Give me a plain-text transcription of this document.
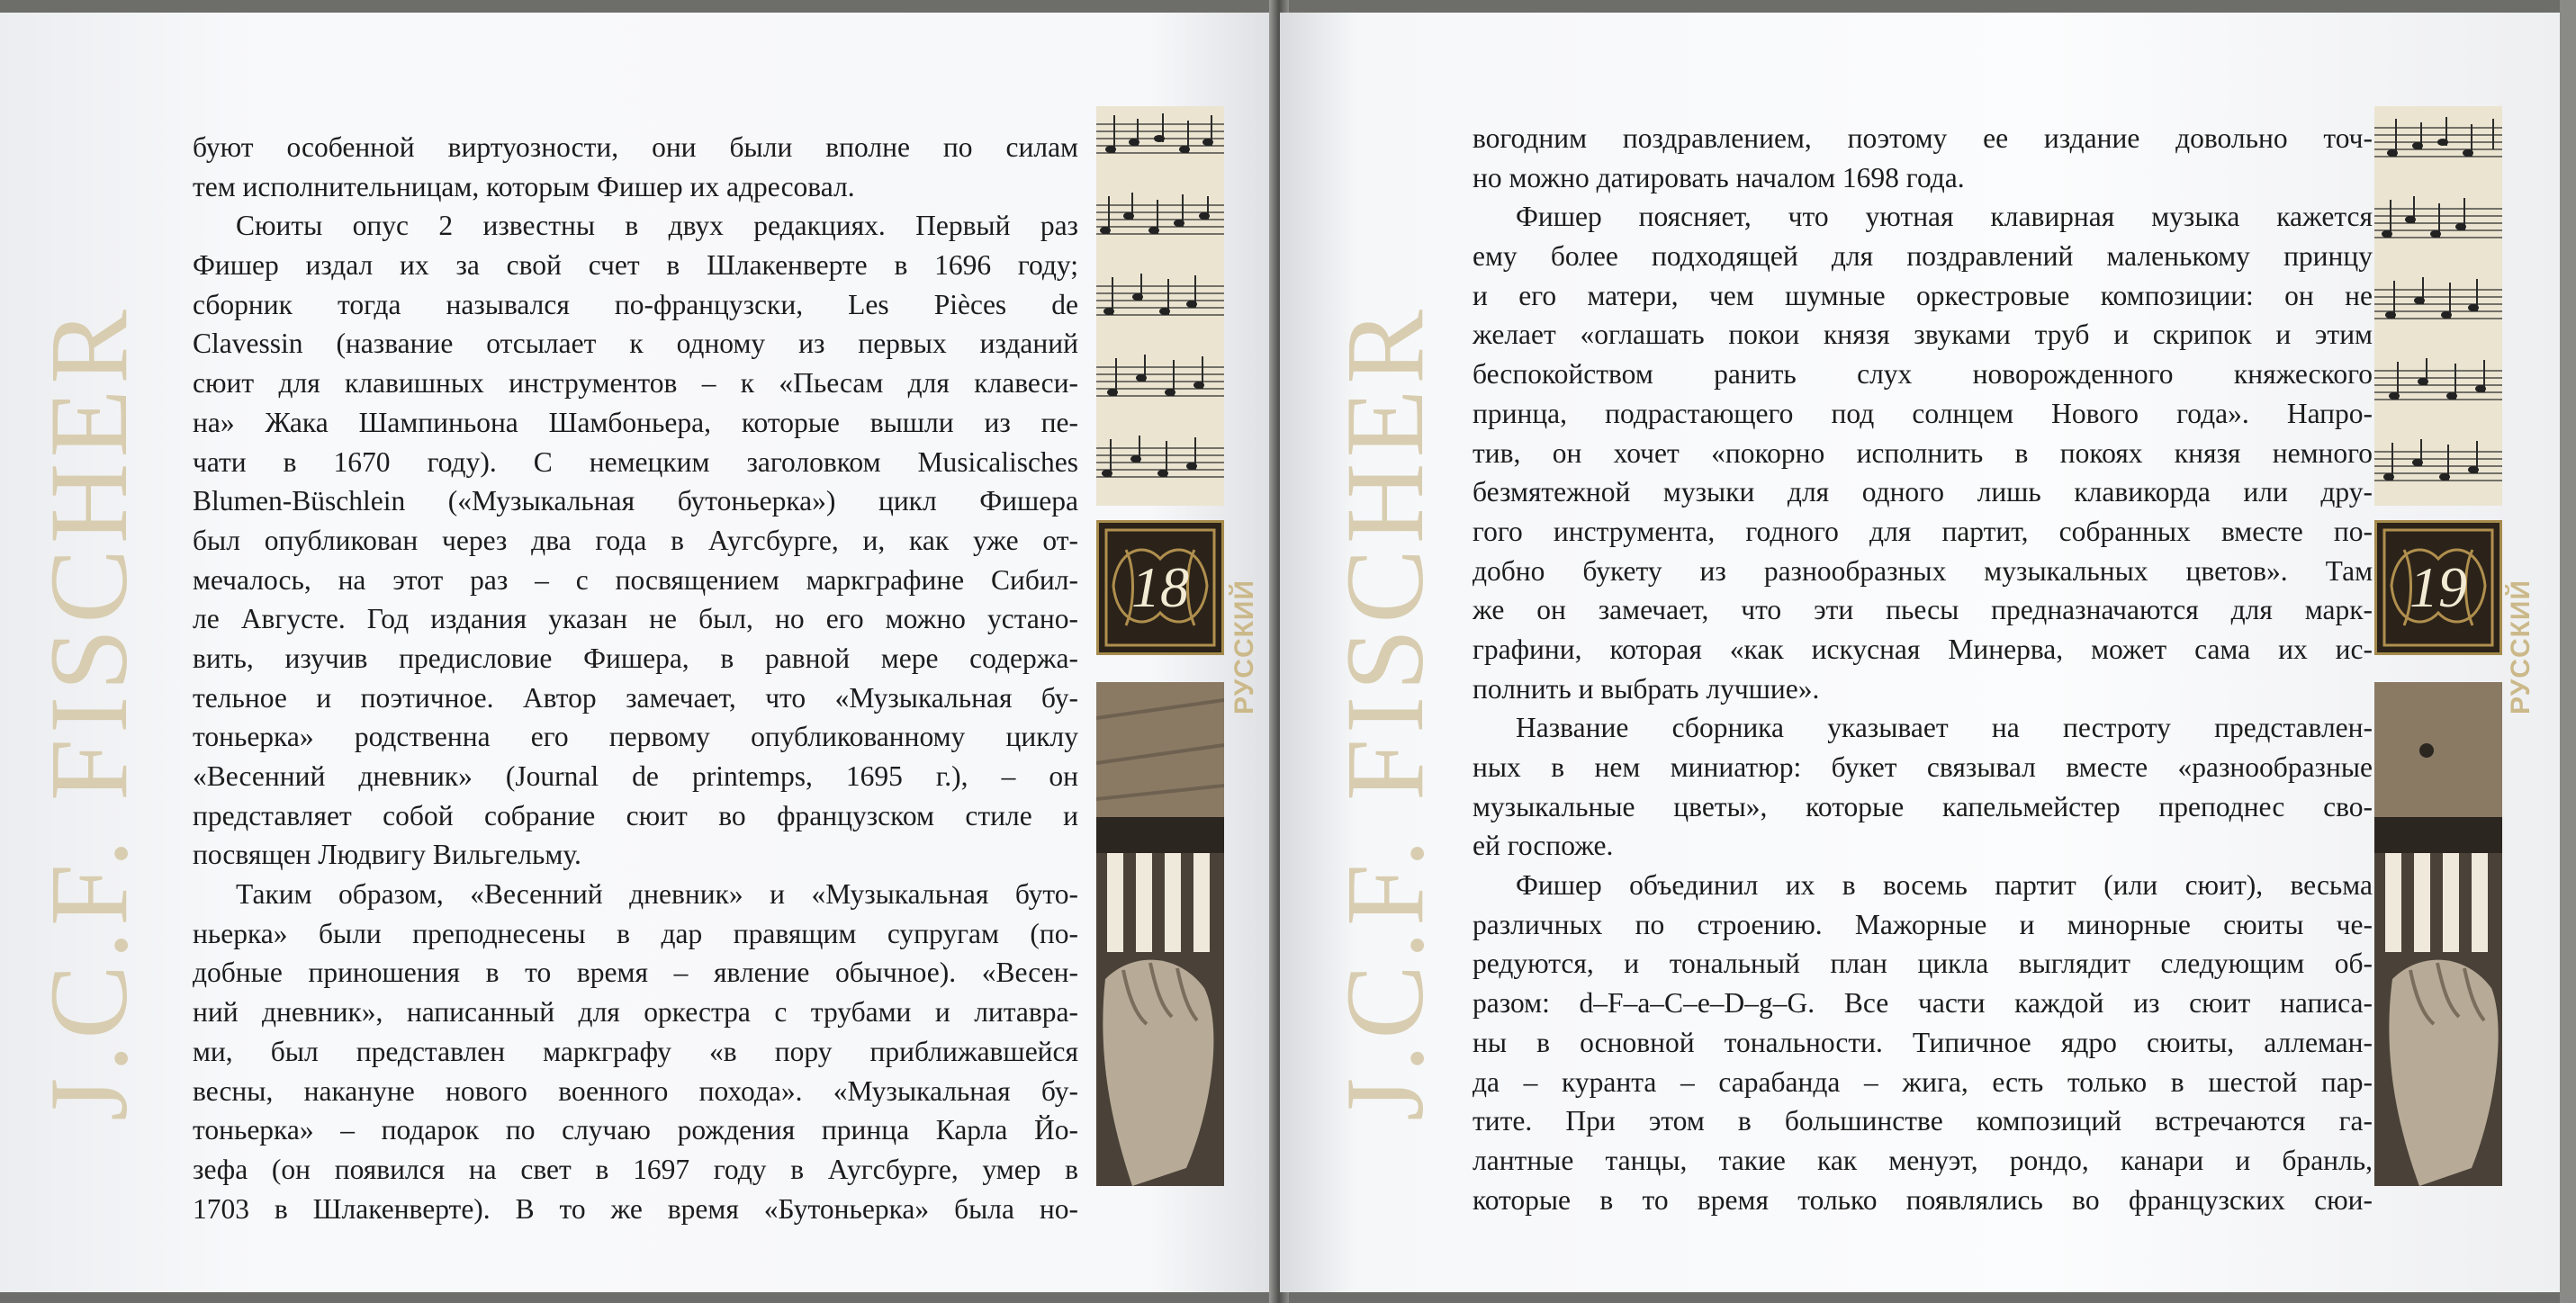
J.C.F. FISCHER
буют особенной виртуозности, они были вполне по силам
тем исполнительницам, которым Фишер их адресовал.
Сюиты опус 2 известны в двух редакциях. Первый раз
Фишер издал их за свой счет в Шлакенверте в 1696 году;
сборник тогда назывался по-французски, Les Pièces de
Clavessin (название отсылает к одному из первых изданий
сюит для клавишных инструментов – к «Пьесам для клавеси-
на» Жака Шампиньона Шамбоньера, которые вышли из пе-
чати в 1670 году). С немецким заголовком Musicalisches
Blumen-Büschlein («Музыкальная бутоньерка») цикл Фишера
был опубликован через два года в Аугсбурге, и, как уже от-
мечалось, на этот раз – с посвящением маркграфине Сибил-
ле Августе. Год издания указан не был, но его можно устано-
вить, изучив предисловие Фишера, в равной мере содержа-
тельное и поэтичное. Автор замечает, что «Музыкальная бу-
тоньерка» родственна его первому опубликованному циклу
«Весенний дневник» (Journal de printemps, 1695 г.), – он
представляет собой собрание сюит во французском стиле и
посвящен Людвигу Вильгельму.
Таким образом, «Весенний дневник» и «Музыкальная буто-
ньерка» были преподнесены в дар правящим супругам (по-
добные приношения в то время – явление обычное). «Весен-
ний дневник», написанный для оркестра с трубами и литавра-
ми, был представлен маркграфу «в пору приближавшейся
весны, накануне нового военного похода». «Музыкальная бу-
тоньерка» – подарок по случаю рождения принца Карла Йо-
зефа (он появился на свет в 1697 году в Аугсбурге, умер в
1703 в Шлакенверте). В то же время «Бутоньерка» была но-
18	РУССКИЙ J.C.F. FISCHER
вогодним поздравлением, поэтому ее издание довольно точ-
но можно датировать началом 1698 года.
Фишер поясняет, что уютная клавирная музыка кажется
ему более подходящей для поздравлений маленькому принцу
и его матери, чем шумные оркестровые композиции: он не
желает «оглашать покои князя звуками труб и скрипок и этим
беспокойством ранить слух новорожденного княжеского
принца, подрастающего под солнцем Нового года». Напро-
тив, он хочет «покорно исполнить в покоях князя немного
безмятежной музыки для одного лишь клавикорда или дру-
гого инструмента, годного для партит, собранных вместе по-
добно букету из разнообразных музыкальных цветов». Там
же он замечает, что эти пьесы предназначаются для марк-
графини, которая «как искусная Минерва, может сама их ис-
полнить и выбрать лучшие».
Название сборника указывает на пестроту представлен-
ных в нем миниатюр: букет связывал вместе «разнообразные
музыкальные цветы», которые капельмейстер преподнес сво-
ей госпоже.
Фишер объединил их в восемь партит (или сюит), весьма
различных по строению. Мажорные и минорные сюиты че-
редуются, и тональный план цикла выглядит следующим об-
разом: d–F–a–C–e–D–g–G. Все части каждой из сюит написа-
ны в основной тональности. Типичное ядро сюиты, аллеман-
да – куранта – сарабанда – жига, есть только в шестой пар-
тите. При этом в большинстве композиций встречаются га-
лантные танцы, такие как менуэт, рондо, канари и бранль,
которые в то время только появлялись во французских сюи-
19	РУССКИЙ
